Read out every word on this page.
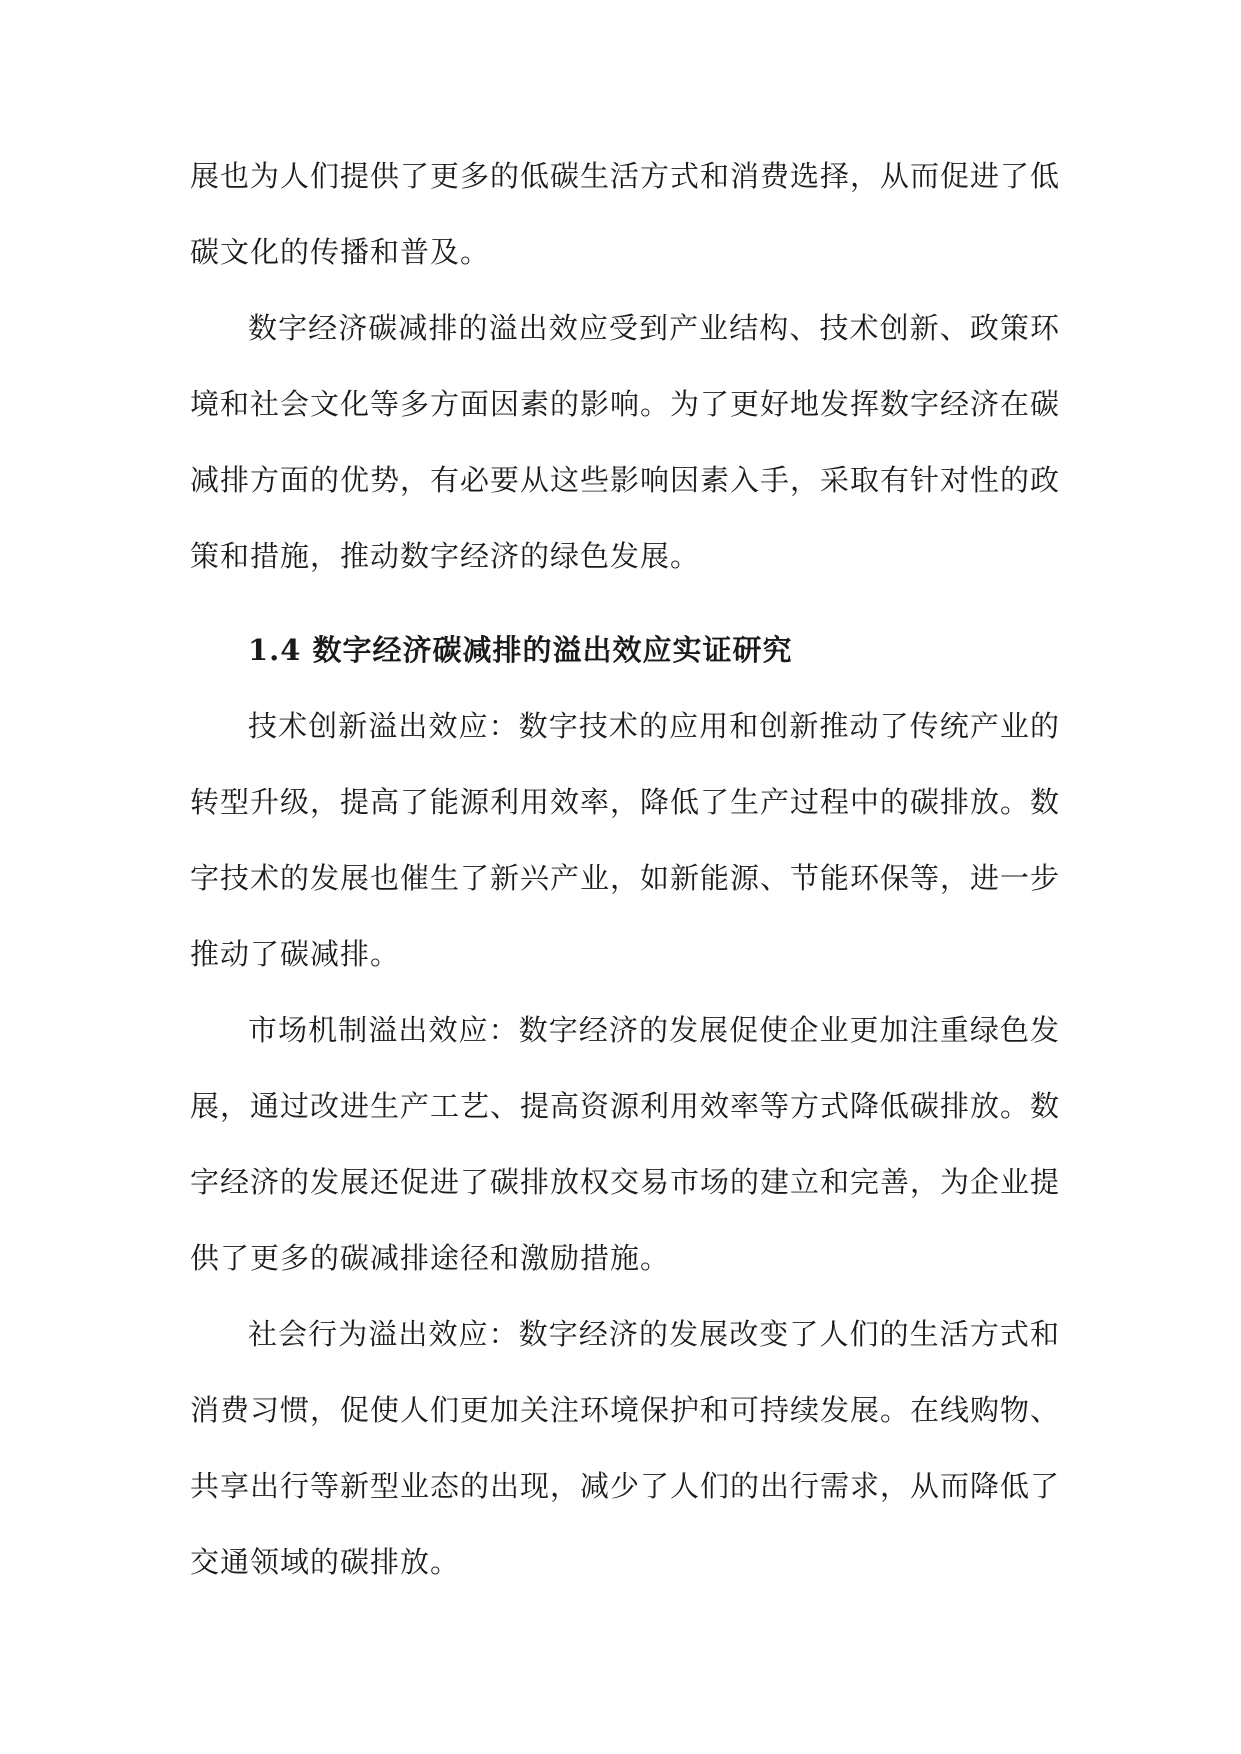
展也为人们提供了更多的低碳生活方式和消费选择，从而促进了低碳文化的传播和普及。

数字经济碳减排的溢出效应受到产业结构、技术创新、政策环境和社会文化等多方面因素的影响。为了更好地发挥数字经济在碳减排方面的优势，有必要从这些影响因素入手，采取有针对性的政策和措施，推动数字经济的绿色发展。

1.4 数字经济碳减排的溢出效应实证研究

技术创新溢出效应：数字技术的应用和创新推动了传统产业的转型升级，提高了能源利用效率，降低了生产过程中的碳排放。数字技术的发展也催生了新兴产业，如新能源、节能环保等，进一步推动了碳减排。

市场机制溢出效应：数字经济的发展促使企业更加注重绿色发展，通过改进生产工艺、提高资源利用效率等方式降低碳排放。数字经济的发展还促进了碳排放权交易市场的建立和完善，为企业提供了更多的碳减排途径和激励措施。

社会行为溢出效应：数字经济的发展改变了人们的生活方式和消费习惯，促使人们更加关注环境保护和可持续发展。在线购物、共享出行等新型业态的出现，减少了人们的出行需求，从而降低了交通领域的碳排放。
